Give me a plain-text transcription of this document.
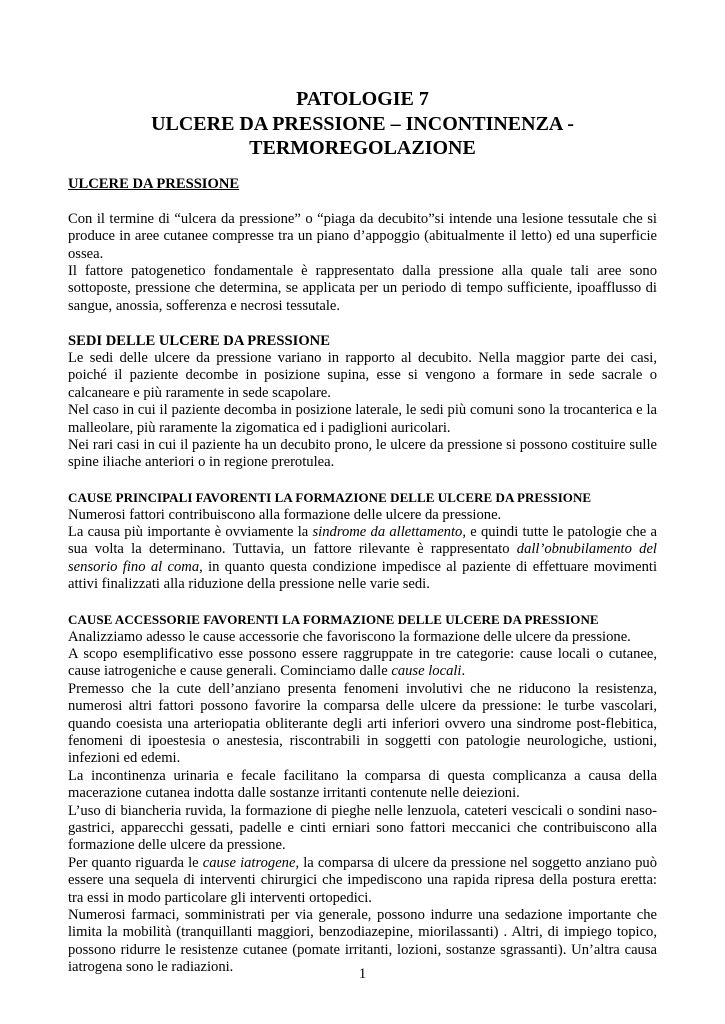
PATOLOGIE 7
ULCERE DA PRESSIONE – INCONTINENZA -
TERMOREGOLAZIONE
ULCERE DA PRESSIONE

Con il termine di “ulcera da pressione” o “piaga da decubito”si intende una lesione tessutale che si produce in aree cutanee compresse tra un piano d’appoggio (abitualmente il letto) ed una superficie ossea.

Il fattore patogenetico fondamentale è rappresentato dalla pressione alla quale tali aree sono sottoposte, pressione che determina, se applicata per un periodo di tempo sufficiente, ipoafflusso di sangue, anossia, sofferenza e necrosi tessutale.

SEDI DELLE ULCERE DA PRESSIONE

Le sedi delle ulcere da pressione variano in rapporto al decubito. Nella maggior parte dei casi, poiché il paziente decombe in posizione supina, esse si vengono a formare in sede sacrale o calcaneare e più raramente in sede scapolare.

Nel caso in cui il paziente decomba in posizione laterale, le sedi più comuni sono la trocanterica e la malleolare, più raramente la zigomatica ed i padiglioni auricolari.

Nei rari casi in cui il paziente ha un decubito prono, le ulcere da pressione si possono costituire sulle spine iliache anteriori o in regione prerotulea.

CAUSE PRINCIPALI FAVORENTI LA FORMAZIONE DELLE ULCERE DA PRESSIONE

Numerosi fattori contribuiscono alla formazione delle ulcere da pressione.

La causa più importante è ovviamente la sindrome da allettamento, e quindi tutte le patologie che a sua volta la determinano. Tuttavia, un fattore rilevante è rappresentato dall’obnubilamento del sensorio fino al coma, in quanto questa condizione impedisce al paziente di effettuare movimenti attivi finalizzati alla riduzione della pressione nelle varie sedi.

CAUSE ACCESSORIE FAVORENTI LA FORMAZIONE DELLE ULCERE DA PRESSIONE

Analizziamo adesso le cause accessorie che favoriscono la formazione delle ulcere da pressione.

A scopo esemplificativo esse possono essere raggruppate in tre categorie: cause locali o cutanee, cause iatrogeniche e cause generali. Cominciamo dalle cause locali.

Premesso che la cute dell’anziano presenta fenomeni involutivi che ne riducono la resistenza, numerosi altri fattori possono favorire la comparsa delle ulcere da pressione: le turbe vascolari, quando coesista una arteriopatia obliterante degli arti inferiori ovvero una sindrome post-flebitica, fenomeni di ipoestesia o anestesia, riscontrabili in soggetti con patologie neurologiche, ustioni, infezioni ed edemi.

La incontinenza urinaria e fecale facilitano la comparsa di questa complicanza a causa della macerazione cutanea indotta dalle sostanze irritanti contenute nelle deiezioni.

L’uso di biancheria ruvida, la formazione di pieghe nelle lenzuola, cateteri vescicali o sondini naso-gastrici, apparecchi gessati, padelle e cinti erniari sono fattori meccanici che contribuiscono alla formazione delle ulcere da pressione.

Per quanto riguarda le cause iatrogene, la comparsa di ulcere da pressione nel soggetto anziano può essere una sequela di interventi chirurgici che impediscono una rapida ripresa della postura eretta: tra essi in modo particolare gli interventi ortopedici.

Numerosi farmaci, somministrati per via generale, possono indurre una sedazione importante che limita la mobilità (tranquillanti maggiori, benzodiazepine, miorilassanti) . Altri, di impiego topico, possono ridurre le resistenze cutanee (pomate irritanti, lozioni, sostanze sgrassanti). Un’altra causa iatrogena sono le radiazioni.	1
